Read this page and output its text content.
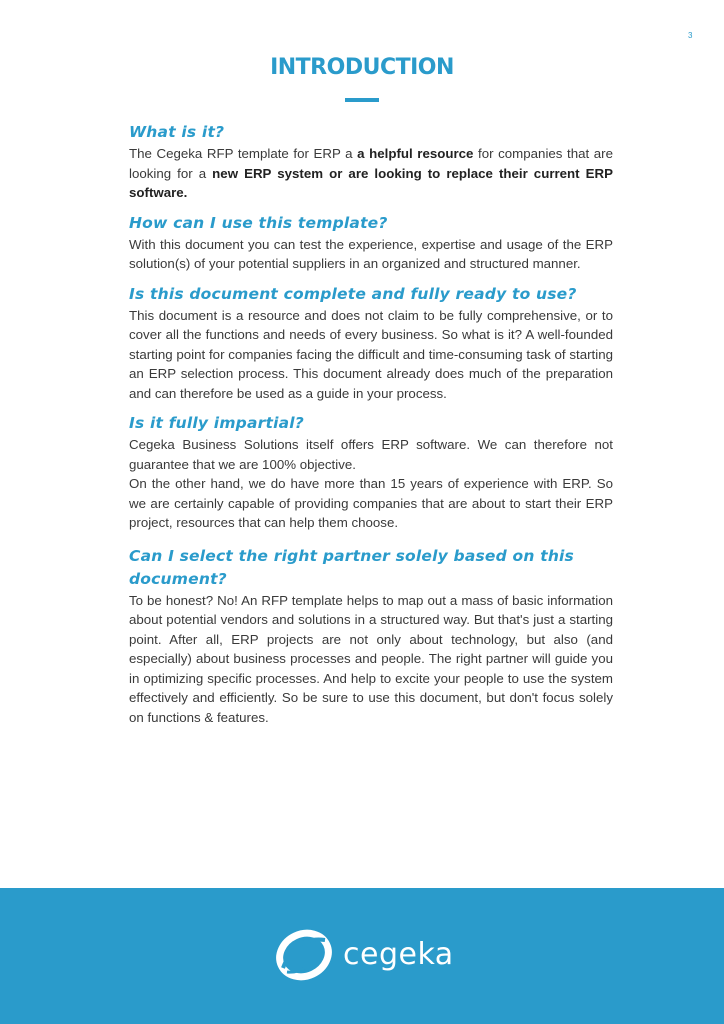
3
INTRODUCTION
What is it?

The Cegeka RFP template for ERP a a helpful resource for companies that are looking for a new ERP system or are looking to replace their current ERP software.

How can I use this template?

With this document you can test the experience, expertise and usage of the ERP solution(s) of your potential suppliers in an organized and structured manner.

Is this document complete and fully ready to use?

This document is a resource and does not claim to be fully comprehensive, or to cover all the functions and needs of every business. So what is it? A well-founded starting point for companies facing the difficult and time-consuming task of starting an ERP selection process. This document already does much of the preparation and can therefore be used as a guide in your process.

Is it fully impartial?

Cegeka Business Solutions itself offers ERP software. We can therefore not guarantee that we are 100% objective.

On the other hand, we do have more than 15 years of experience with ERP. So we are certainly capable of providing companies that are about to start their ERP project, resources that can help them choose.

Can I select the right partner solely based on this document?

To be honest? No! An RFP template helps to map out a mass of basic information about potential vendors and solutions in a structured way. But that's just a starting point. After all, ERP projects are not only about technology, but also (and especially) about business processes and people. The right partner will guide you in optimizing specific processes. And help to excite your people to use the system effectively and efficiently. So be sure to use this document, but don't focus solely on functions & features.

cegeka
